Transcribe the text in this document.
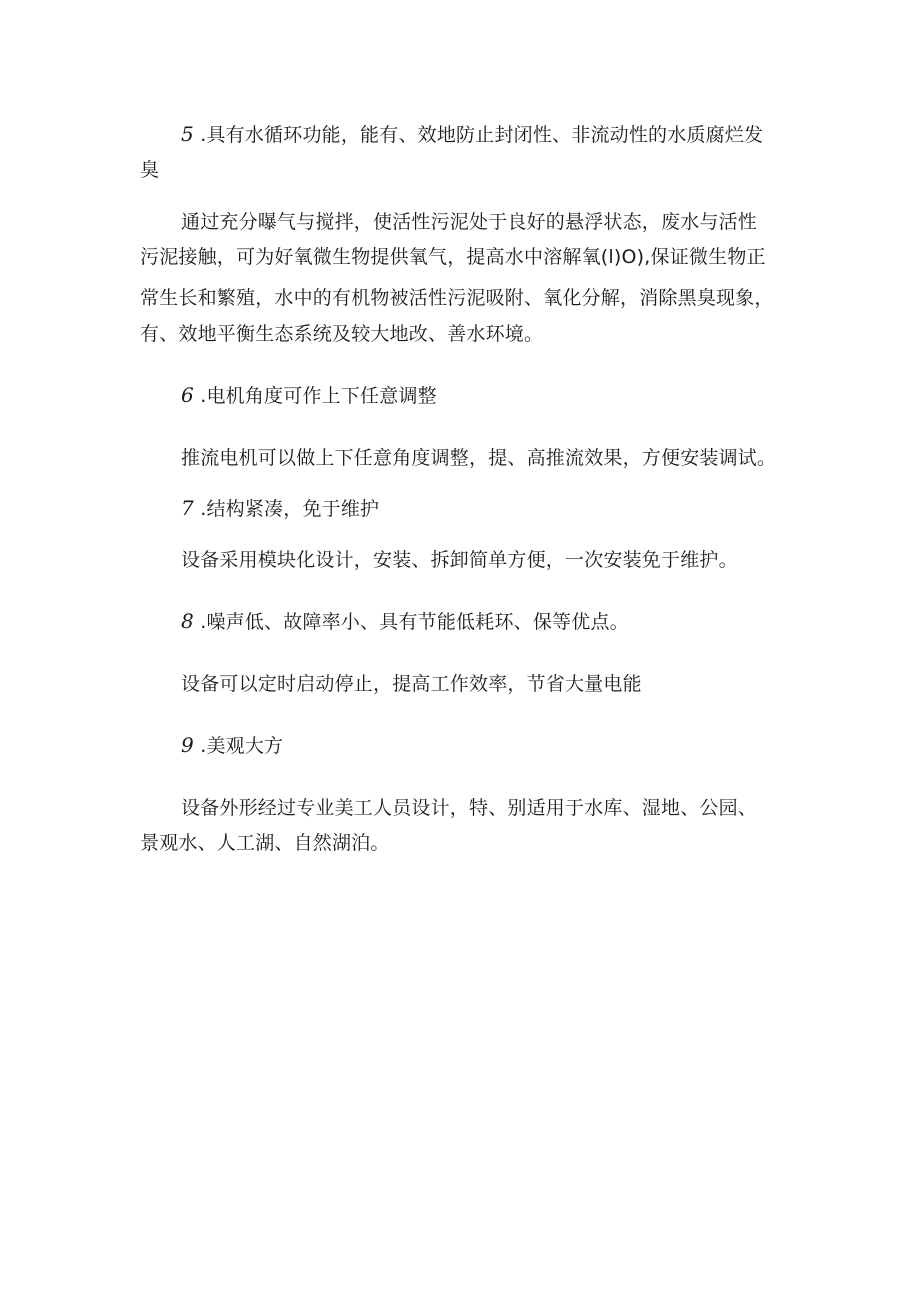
5 .具有水循环功能，能有、效地防止封闭性、非流动性的水质腐烂发
臭
通过充分曝气与搅拌，使活性污泥处于良好的悬浮状态，废水与活性
污泥接触，可为好氧微生物提供氧气，提高水中溶解氧(l)O),保证微生物正
常生长和繁殖，水中的有机物被活性污泥吸附、氧化分解，消除黑臭现象，
有、效地平衡生态系统及较大地改、善水环境。
6 .电机角度可作上下任意调整
推流电机可以做上下任意角度调整，提、高推流效果，方便安装调试。
7 .结构紧凑，免于维护
设备采用模块化设计，安装、拆卸简单方便，一次安装免于维护。
8 .噪声低、故障率小、具有节能低耗环、保等优点。
设备可以定时启动停止，提高工作效率，节省大量电能
9 .美观大方
设备外形经过专业美工人员设计，特、别适用于水库、湿地、公园、
景观水、人工湖、自然湖泊。
